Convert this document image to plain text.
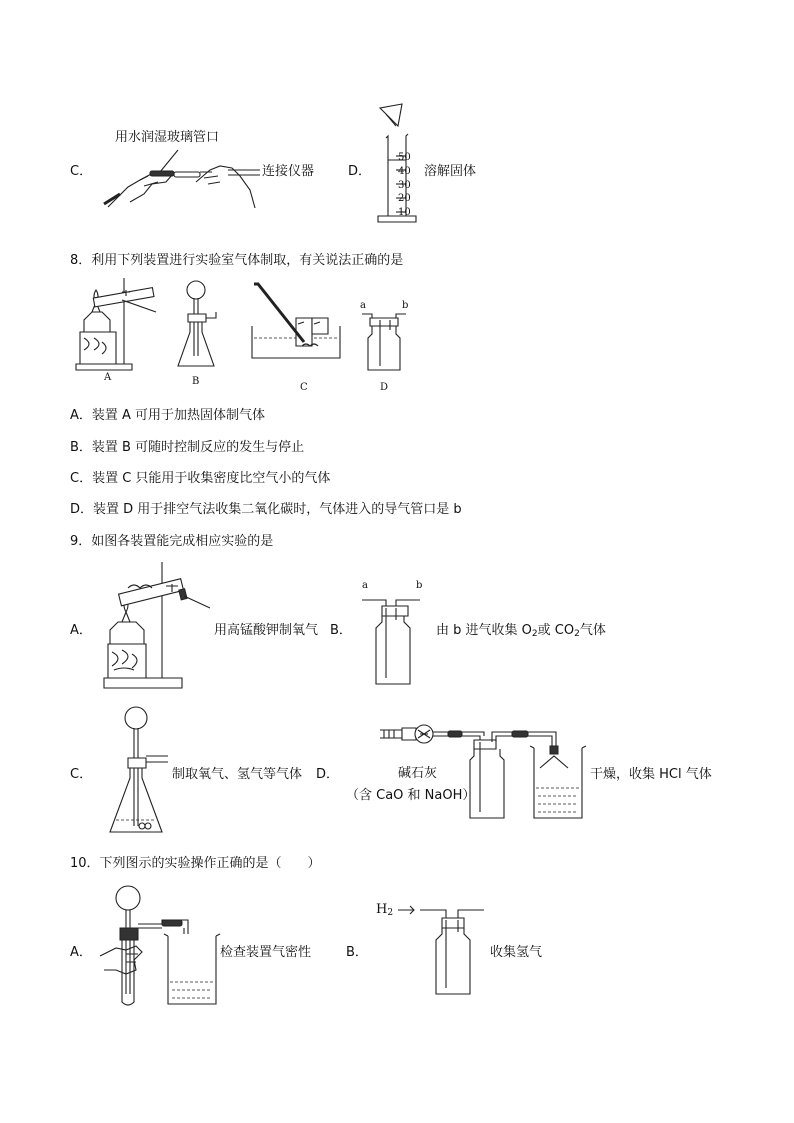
C．
用水润湿玻璃管口
连接仪器	D．
50
40
30
20
10
溶解固体
8．利用下列装置进行实验室气体制取，有关说法正确的是
A	B
C
a	b
D
A．装置 A 可用于加热固体制气体
B．装置 B 可随时控制反应的发生与停止
C．装置 C 只能用于收集密度比空气小的气体
D．装置 D 用于排空气法收集二氧化碳时，气体进入的导气管口是 b
9．如图各装置能完成相应实验的是
A．	用高锰酸钾制氧气 B．
a	b
由 b 进气收集 $O_2$或 $CO_2$气体
C．	制取氧气、氢气等气体 D．	碱石灰
（含 CaO 和 NaOH）
干燥，收集 HCl 气体
10．下列图示的实验操作正确的是（　　）
A．	检查装置气密性	B．
$H_2$
收集氢气
